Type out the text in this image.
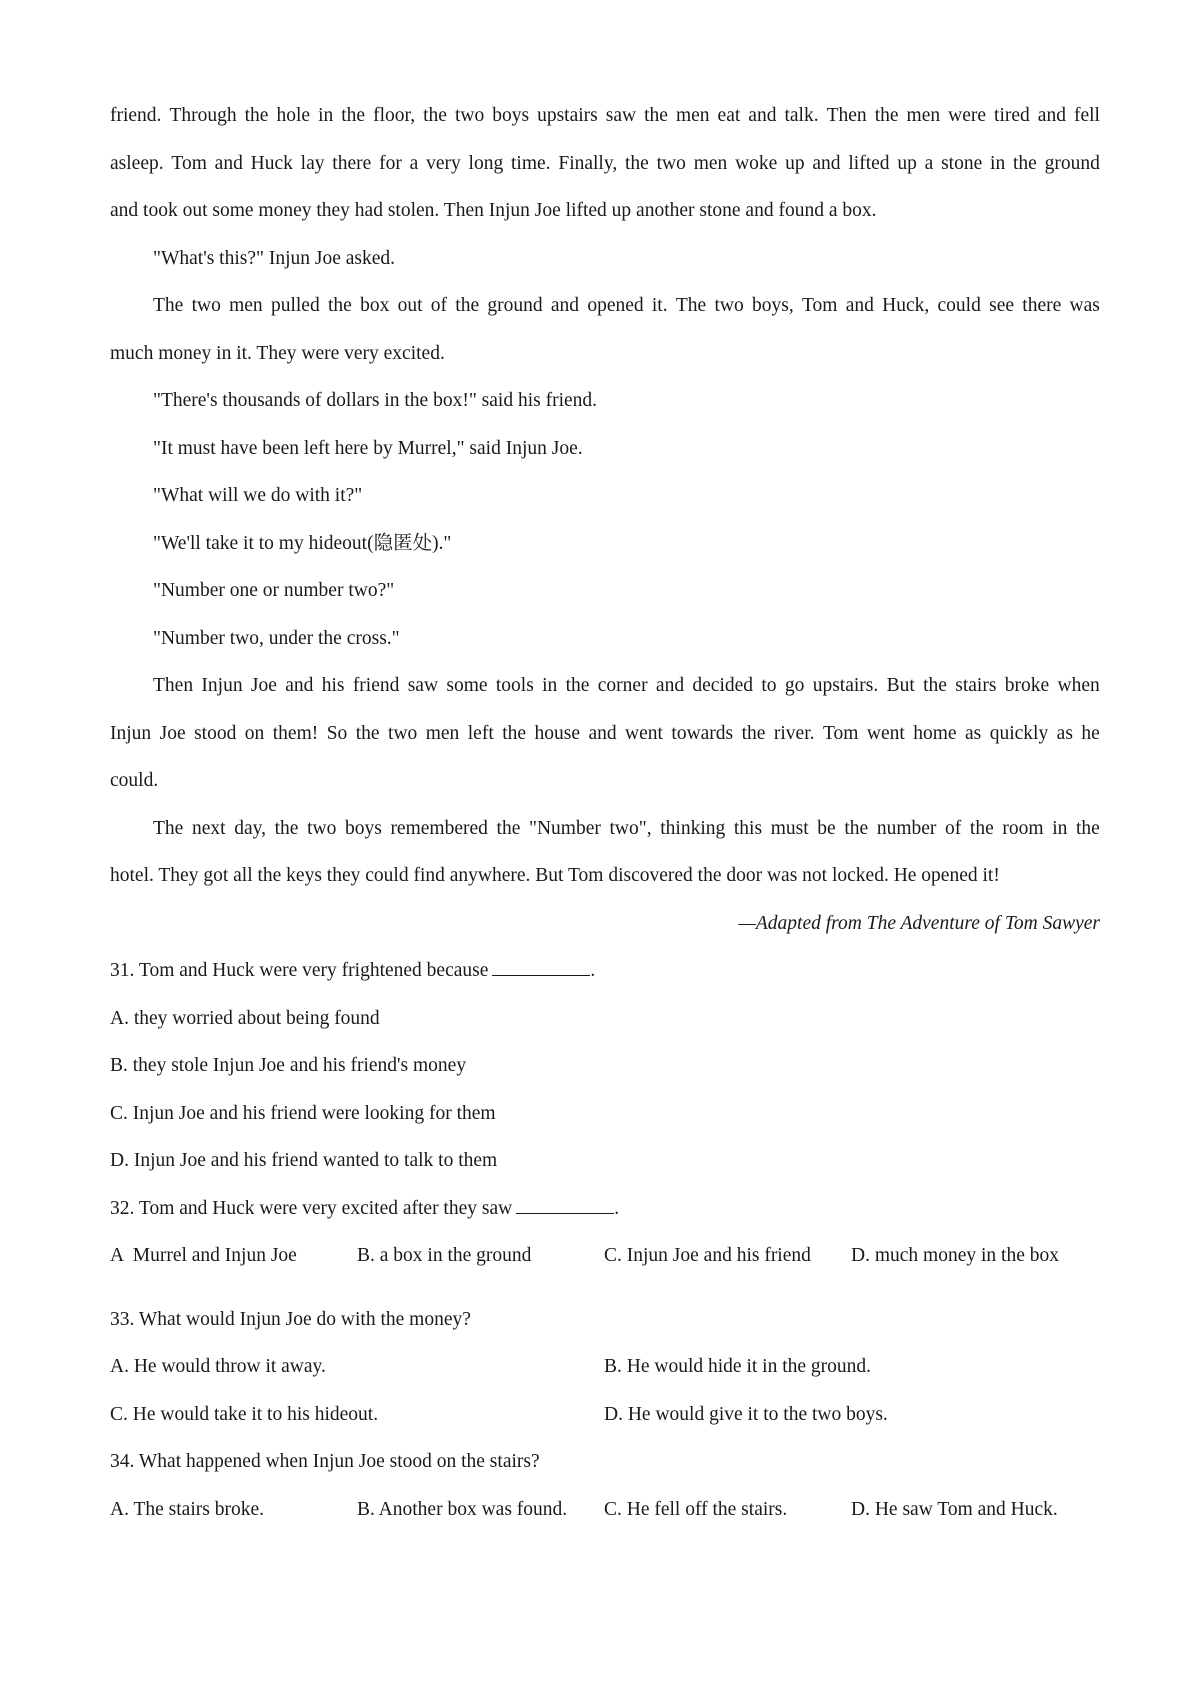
friend. Through the hole in the floor, the two boys upstairs saw the men eat and talk. Then the men were tired and fell
asleep. Tom and Huck lay there for a very long time. Finally, the two men woke up and lifted up a stone in the ground
and took out some money they had stolen. Then Injun Joe lifted up another stone and found a box.
"What's this?" Injun Joe asked.
The two men pulled the box out of the ground and opened it. The two boys, Tom and Huck, could see there was
much money in it. They were very excited.
"There's thousands of dollars in the box!" said his friend.
"It must have been left here by Murrel," said Injun Joe.
"What will we do with it?"
"We'll take it to my hideout(隐匿处)."
"Number one or number two?"
"Number two, under the cross."
Then Injun Joe and his friend saw some tools in the corner and decided to go upstairs. But the stairs broke when
Injun Joe stood on them! So the two men left the house and went towards the river. Tom went home as quickly as he
could.
The next day, the two boys remembered the "Number two", thinking this must be the number of the room in the
hotel. They got all the keys they could find anywhere. But Tom discovered the door was not locked. He opened it!
—Adapted from The Adventure of Tom Sawyer
31. Tom and Huck were very frightened because	.
A. they worried about being found
B. they stole Injun Joe and his friend's money
C. Injun Joe and his friend were looking for them
D. Injun Joe and his friend wanted to talk to them
32. Tom and Huck were very excited after they saw	.
A  Murrel and Injun Joe	B. a box in the ground	C. Injun Joe and his friend	D. much money in the box
33. What would Injun Joe do with the money?
A. He would throw it away.	B. He would hide it in the ground.
C. He would take it to his hideout.	D. He would give it to the two boys.
34. What happened when Injun Joe stood on the stairs?
A. The stairs broke.	B. Another box was found.	C. He fell off the stairs.	D. He saw Tom and Huck.
